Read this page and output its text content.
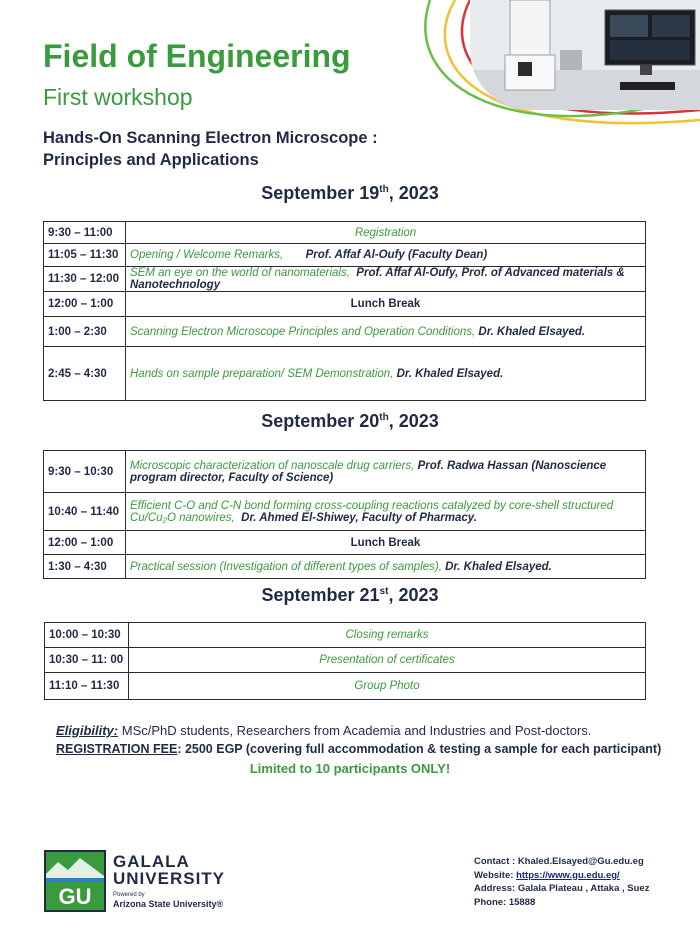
Field of Engineering
First workshop
Hands-On Scanning Electron Microscope :
Principles and Applications
September 19th, 2023
9:30 – 11:00	Registration
11:05 – 11:30	Opening / Welcome Remarks, Prof. Affaf Al-Oufy (Faculty Dean)
11:30 – 12:00	SEM an eye on the world of nanomaterials, Prof. Affaf Al-Oufy, Prof. of Advanced materials & Nanotechnology
12:00 – 1:00	Lunch Break
1:00 – 2:30	Scanning Electron Microscope Principles and Operation Conditions, Dr. Khaled Elsayed.
2:45 – 4:30	Hands on sample preparation/ SEM Demonstration, Dr. Khaled Elsayed.
September 20th, 2023
9:30 – 10:30	Microscopic characterization of nanoscale drug carriers, Prof. Radwa Hassan (Nanoscience program director, Faculty of Science)
10:40 – 11:40	Efficient C-O and C-N bond forming cross-coupling reactions catalyzed by core-shell structured Cu/Cu₂O nanowires, Dr. Ahmed El-Shiwey, Faculty of Pharmacy.
12:00 – 1:00	Lunch Break
1:30 – 4:30	Practical session (Investigation of different types of samples), Dr. Khaled Elsayed.
September 21st, 2023
10:00 – 10:30	Closing remarks
10:30 – 11: 00	Presentation of certificates
11:10 – 11:30	Group Photo
Eligibility: MSc/PhD students, Researchers from Academia and Industries and Post-doctors.
REGISTRATION FEE: 2500 EGP (covering full accommodation & testing a sample for each participant)
Limited to 10 participants ONLY!
GU
GALALA
UNIVERSITY
Powered by
Arizona State University®
Contact : Khaled.Elsayed@Gu.edu.eg
Website: https://www.gu.edu.eg/
Address: Galala Plateau , Attaka , Suez
Phone: 15888
